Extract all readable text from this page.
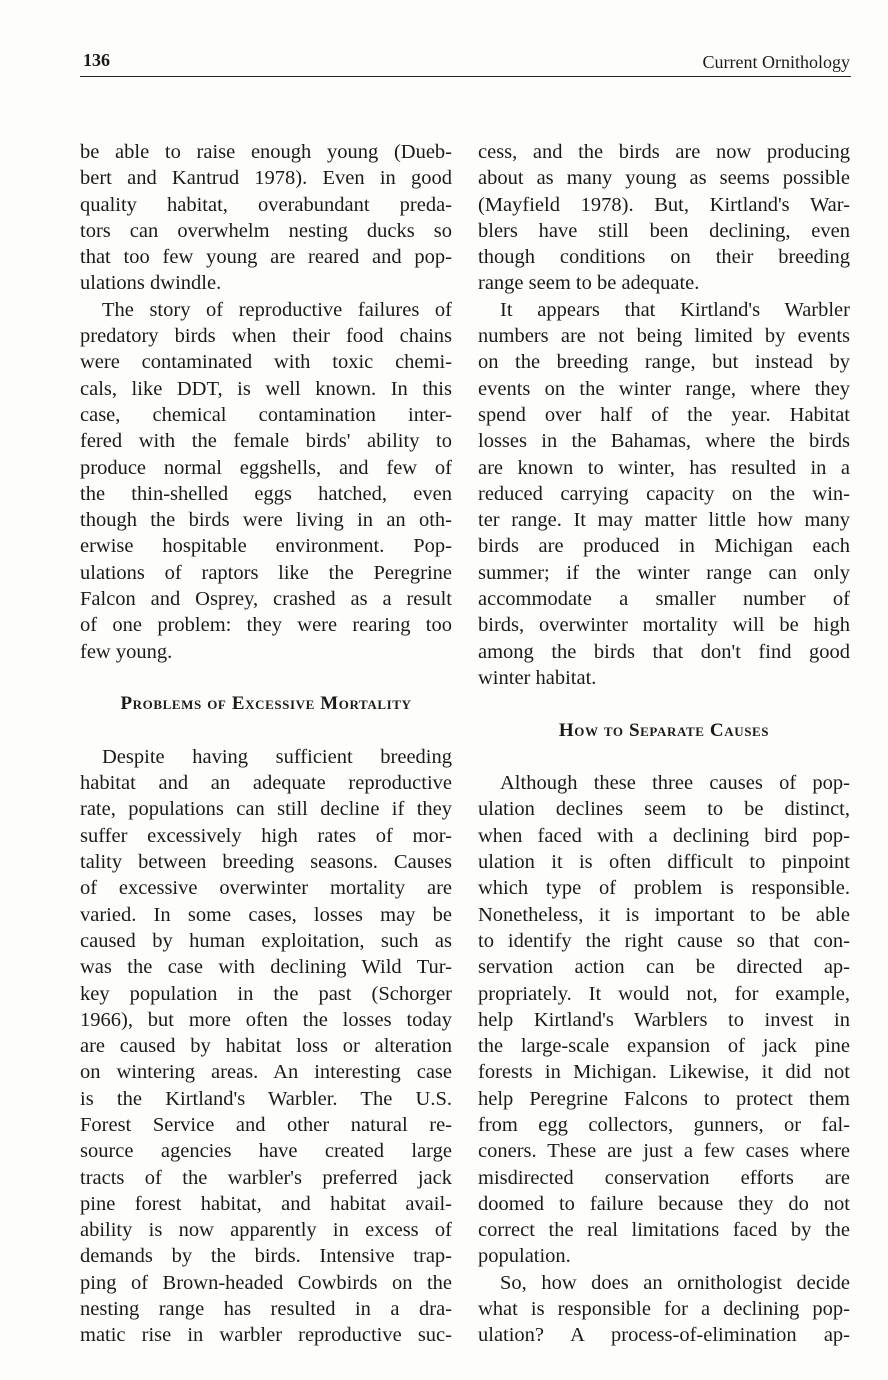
136	Current Ornithology
be able to raise enough young (Dueb-
bert and Kantrud 1978). Even in good
quality habitat, overabundant preda-
tors can overwhelm nesting ducks so
that too few young are reared and pop-
ulations dwindle.
The story of reproductive failures of
predatory birds when their food chains
were contaminated with toxic chemi-
cals, like DDT, is well known. In this
case, chemical contamination inter-
fered with the female birds' ability to
produce normal eggshells, and few of
the thin-shelled eggs hatched, even
though the birds were living in an oth-
erwise hospitable environment. Pop-
ulations of raptors like the Peregrine
Falcon and Osprey, crashed as a result
of one problem: they were rearing too
few young.
Problems of Excessive Mortality
Despite having sufficient breeding
habitat and an adequate reproductive
rate, populations can still decline if they
suffer excessively high rates of mor-
tality between breeding seasons. Causes
of excessive overwinter mortality are
varied. In some cases, losses may be
caused by human exploitation, such as
was the case with declining Wild Tur-
key population in the past (Schorger
1966), but more often the losses today
are caused by habitat loss or alteration
on wintering areas. An interesting case
is the Kirtland's Warbler. The U.S.
Forest Service and other natural re-
source agencies have created large
tracts of the warbler's preferred jack
pine forest habitat, and habitat avail-
ability is now apparently in excess of
demands by the birds. Intensive trap-
ping of Brown-headed Cowbirds on the
nesting range has resulted in a dra-
matic rise in warbler reproductive suc-
cess, and the birds are now producing
about as many young as seems possible
(Mayfield 1978). But, Kirtland's War-
blers have still been declining, even
though conditions on their breeding
range seem to be adequate.
It appears that Kirtland's Warbler
numbers are not being limited by events
on the breeding range, but instead by
events on the winter range, where they
spend over half of the year. Habitat
losses in the Bahamas, where the birds
are known to winter, has resulted in a
reduced carrying capacity on the win-
ter range. It may matter little how many
birds are produced in Michigan each
summer; if the winter range can only
accommodate a smaller number of
birds, overwinter mortality will be high
among the birds that don't find good
winter habitat.
How to Separate Causes
Although these three causes of pop-
ulation declines seem to be distinct,
when faced with a declining bird pop-
ulation it is often difficult to pinpoint
which type of problem is responsible.
Nonetheless, it is important to be able
to identify the right cause so that con-
servation action can be directed ap-
propriately. It would not, for example,
help Kirtland's Warblers to invest in
the large-scale expansion of jack pine
forests in Michigan. Likewise, it did not
help Peregrine Falcons to protect them
from egg collectors, gunners, or fal-
coners. These are just a few cases where
misdirected conservation efforts are
doomed to failure because they do not
correct the real limitations faced by the
population.
So, how does an ornithologist decide
what is responsible for a declining pop-
ulation? A process-of-elimination ap-
